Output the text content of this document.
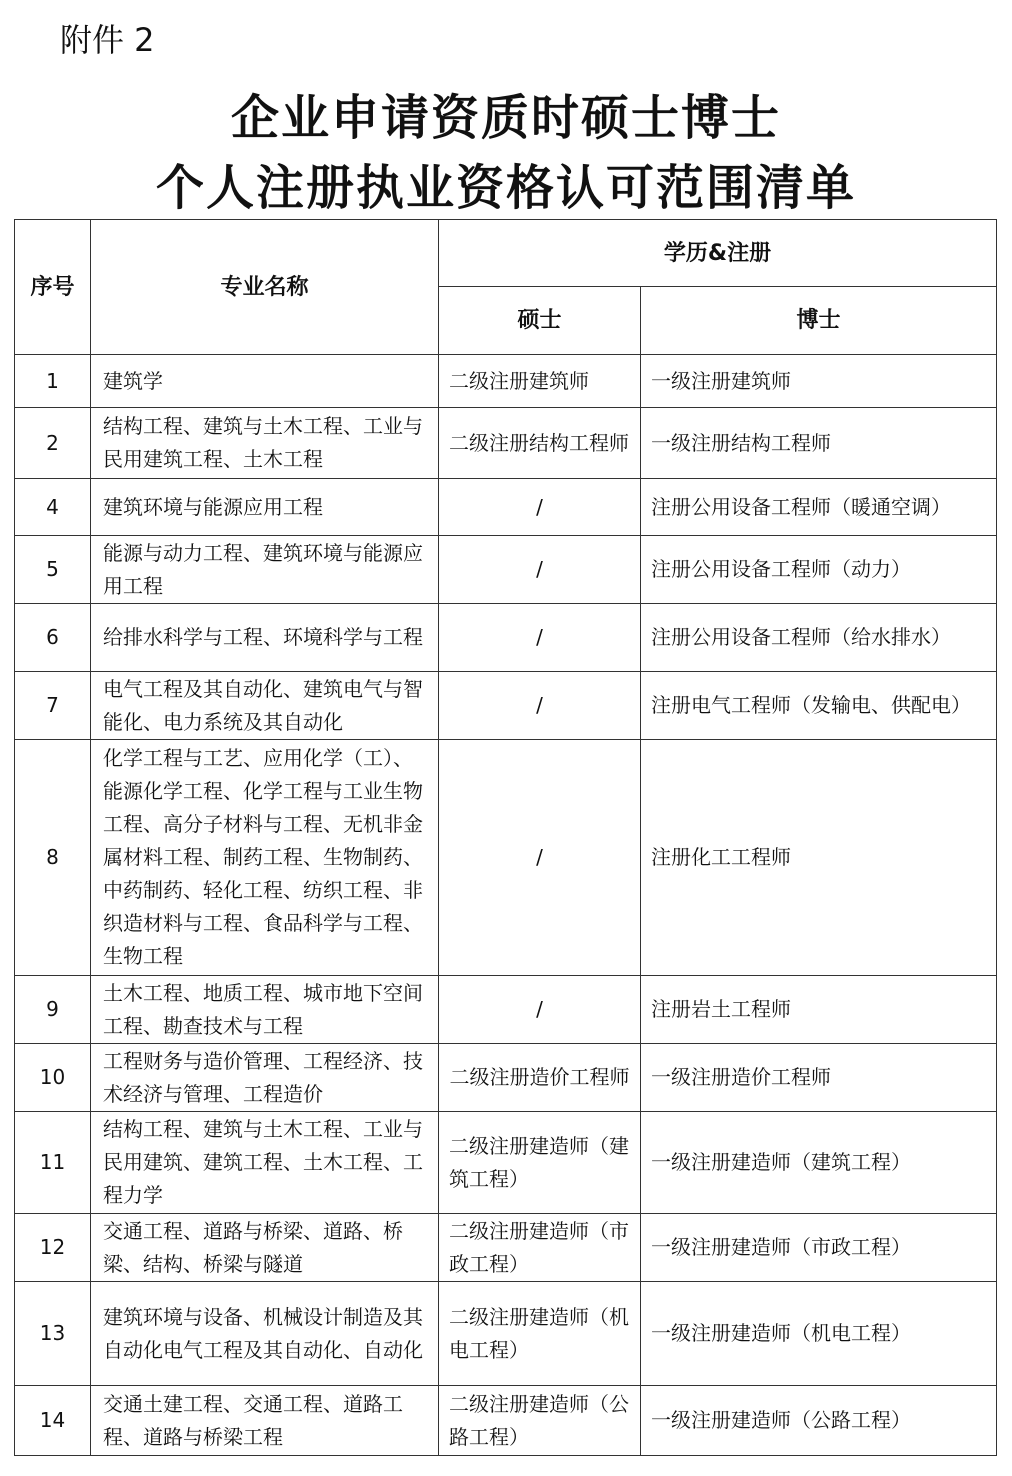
附件 2
企业申请资质时硕士博士
个人注册执业资格认可范围清单
序号	专业名称	学历&注册	
		硕士	博士
1	建筑学	二级注册建筑师	一级注册建筑师
2	结构工程、建筑与土木工程、工业与民用建筑工程、土木工程	二级注册结构工程师	一级注册结构工程师
4	建筑环境与能源应用工程	/	注册公用设备工程师（暖通空调）
5	能源与动力工程、建筑环境与能源应用工程	/	注册公用设备工程师（动力）
6	给排水科学与工程、环境科学与工程	/	注册公用设备工程师（给水排水）
7	电气工程及其自动化、建筑电气与智能化、电力系统及其自动化	/	注册电气工程师（发输电、供配电）
8	化学工程与工艺、应用化学（工）、能源化学工程、化学工程与工业生物工程、高分子材料与工程、无机非金属材料工程、制药工程、生物制药、中药制药、轻化工程、纺织工程、非织造材料与工程、食品科学与工程、生物工程	/	注册化工工程师
9	土木工程、地质工程、城市地下空间工程、勘查技术与工程	/	注册岩土工程师
10	工程财务与造价管理、工程经济、技术经济与管理、工程造价	二级注册造价工程师	一级注册造价工程师
11	结构工程、建筑与土木工程、工业与民用建筑、建筑工程、土木工程、工程力学	二级注册建造师（建筑工程）	一级注册建造师（建筑工程）
12	交通工程、道路与桥梁、道路、桥梁、结构、桥梁与隧道	二级注册建造师（市政工程）	一级注册建造师（市政工程）
13	建筑环境与设备、机械设计制造及其自动化电气工程及其自动化、自动化	二级注册建造师（机电工程）	一级注册建造师（机电工程）
14	交通土建工程、交通工程、道路工程、道路与桥梁工程	二级注册建造师（公路工程）	一级注册建造师（公路工程）
